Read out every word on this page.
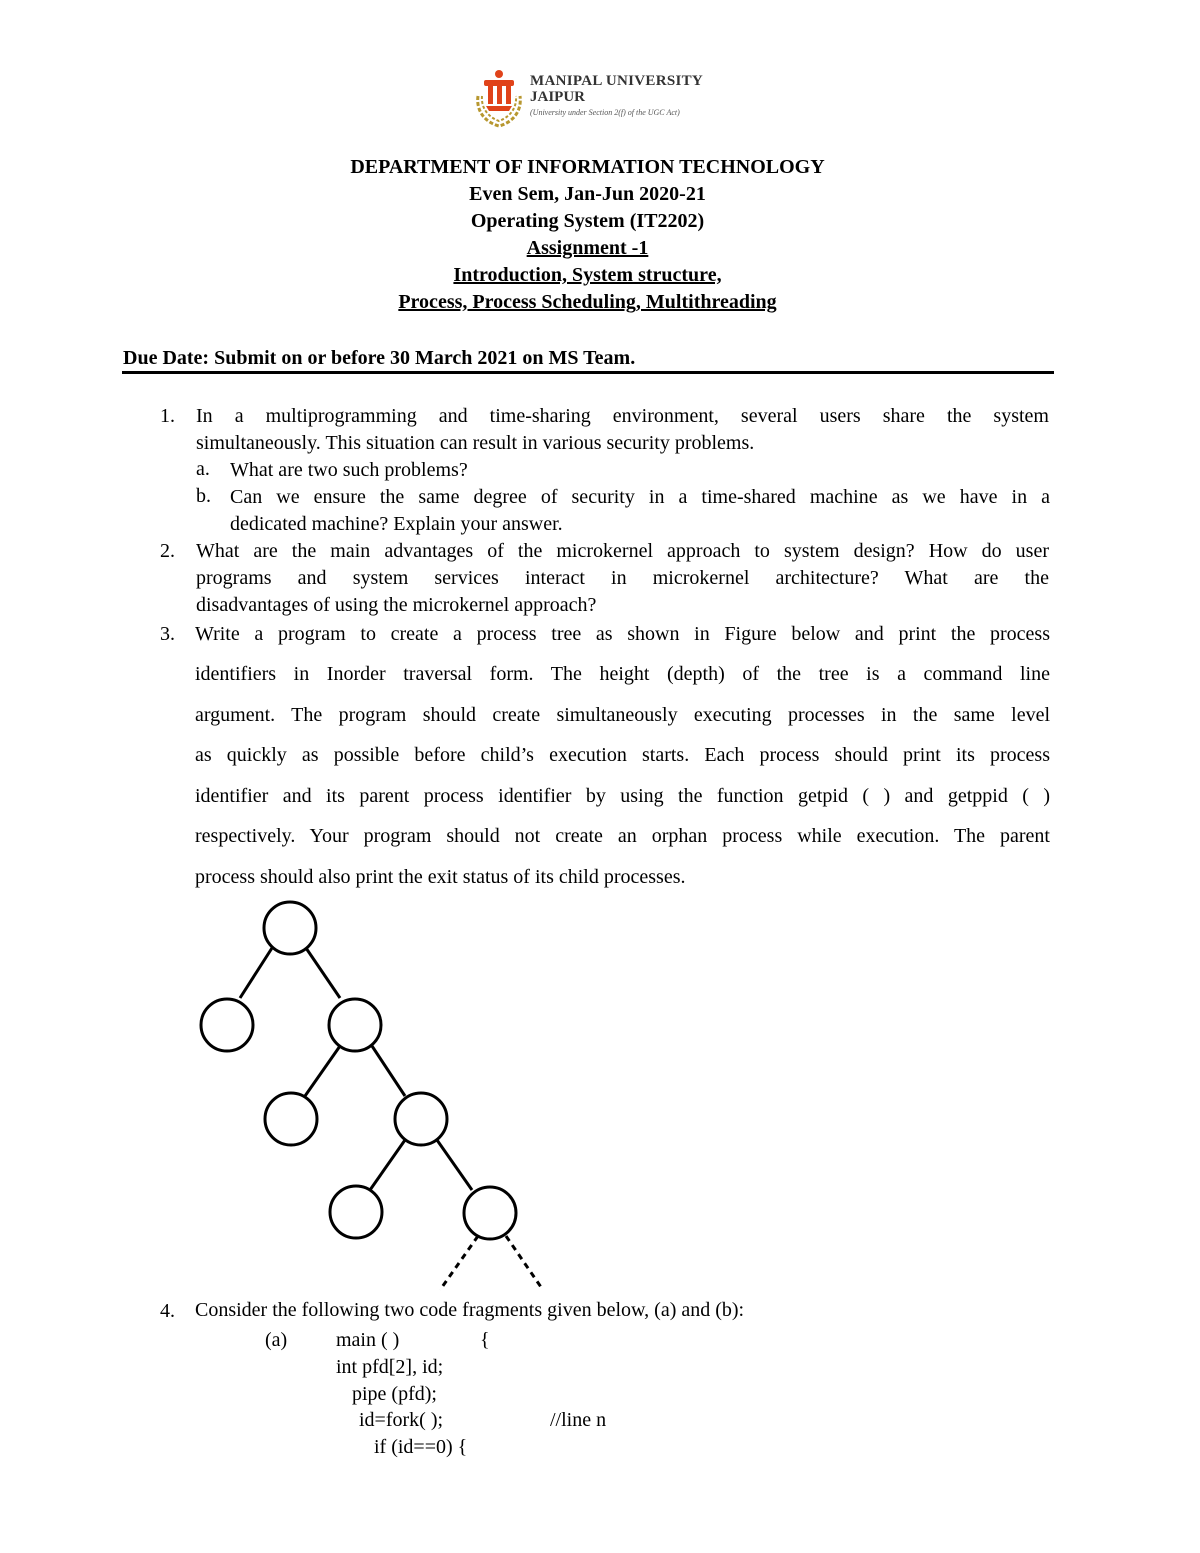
MANIPAL UNIVERSITY
JAIPUR
(University under Section 2(f) of the UGC Act)
DEPARTMENT OF INFORMATION TECHNOLOGY
Even Sem, Jan-Jun 2020-21
Operating System (IT2202)
Assignment -1
Introduction, System structure,
Process, Process Scheduling, Multithreading
Due Date: Submit on or before 30 March 2021 on MS Team.
1. In a multiprogramming and time-sharing environment, several users share the system
simultaneously. This situation can result in various security problems.
a. What are two such problems?
b. Can we ensure the same degree of security in a time-shared machine as we have in a
dedicated machine? Explain your answer.
2. What are the main advantages of the microkernel approach to system design? How do user
programs and system services interact in microkernel architecture? What are the
disadvantages of using the microkernel approach?
3. Write a program to create a process tree as shown in Figure below and print the process
identifiers in Inorder traversal form. The height (depth) of the tree is a command line
argument. The program should create simultaneously executing processes in the same level
as quickly as possible before child’s execution starts. Each process should print its process
identifier and its parent process identifier by using the function getpid ( ) and getppid ( )
respectively. Your program should not create an orphan process while execution. The parent
process should also print the exit status of its child processes.
4. Consider the following two code fragments given below, (a) and (b):
(a) main ( )	{
int pfd[2], id;
pipe (pfd);
id=fork( );	//line n
if (id==0) {
